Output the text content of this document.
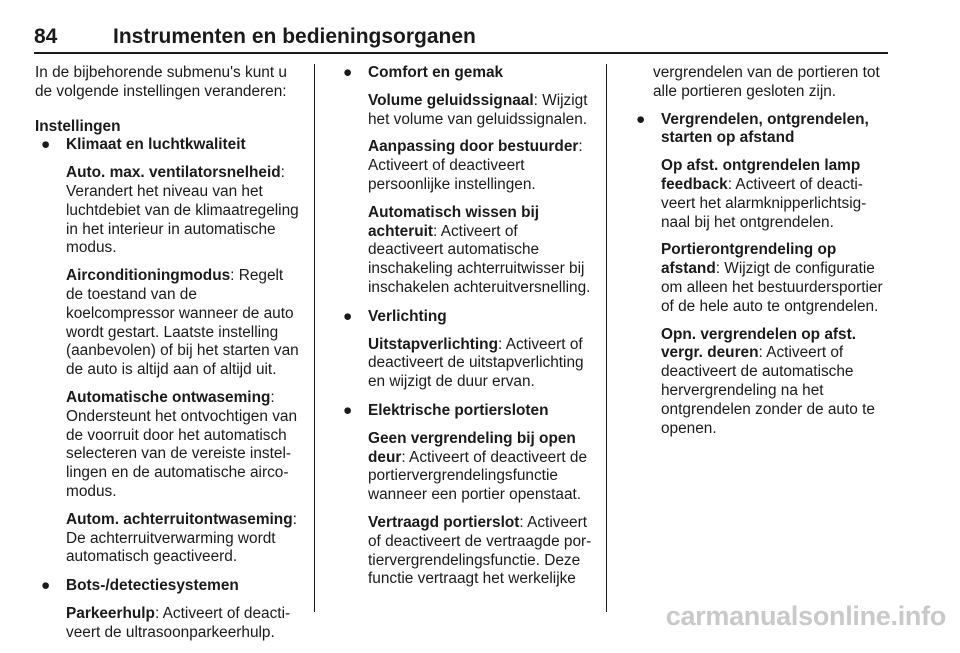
84	Instrumenten en bedieningsorganen

In de bijbehorende submenu's kunt u de volgende instellingen veranderen:

Instellingen

● Klimaat en luchtkwaliteit

Auto. max. ventilatorsnelheid: Verandert het niveau van het luchtdebiet van de klimaatregeling in het interieur in automatische modus.

Airconditioningmodus: Regelt de toestand van de koelcompressor wanneer de auto wordt gestart. Laatste instelling (aanbevolen) of bij het starten van de auto is altijd aan of altijd uit.

Automatische ontwaseming: Ondersteunt het ontvochtigen van de voorruit door het automatisch selecteren van de vereiste instellingen en de automatische airco-modus.

Autom. achterruitontwaseming: De achterruitverwarming wordt automatisch geactiveerd.

● Bots-/detectiesystemen

Parkeerhulp: Activeert of deactiveert de ultrasoonparkeerhulp.

● Comfort en gemak

Volume geluidssignaal: Wijzigt het volume van geluidssignalen.

Aanpassing door bestuurder: Activeert of deactiveert persoonlijke instellingen.

Automatisch wissen bij achteruit: Activeert of deactiveert automatische inschakeling achterruitwisser bij inschakelen achteruitversnelling.

● Verlichting

Uitstapverlichting: Activeert of deactiveert de uitstapverlichting en wijzigt de duur ervan.

● Elektrische portiersloten

Geen vergrendeling bij open deur: Activeert of deactiveert de portiervergrendelingsfunctie wanneer een portier openstaat.

Vertraagd portierslot: Activeert of deactiveert de vertraagde portiervergrendelingsfunctie. Deze functie vertraagt het werkelijke

vergrendelen van de portieren tot alle portieren gesloten zijn.

● Vergrendelen, ontgrendelen, starten op afstand

Op afst. ontgrendelen lamp feedback: Activeert of deactiveert het alarmknipperlichtsignaal bij het ontgrendelen.

Portierontgrendeling op afstand: Wijzigt de configuratie om alleen het bestuurdersportier of de hele auto te ontgrendelen.

Opn. vergrendelen op afst. vergr. deuren: Activeert of deactiveert de automatische hervergrendeling na het ontgrendelen zonder de auto te openen.

carmanualsonline.info
